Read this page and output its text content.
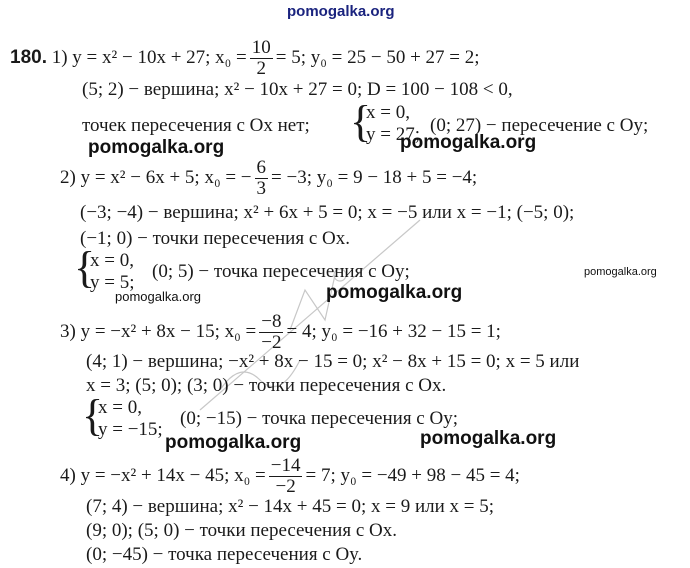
pomogalka.org
180. 1) y = x² − 10x + 27; $x_0 = \frac{10}{2} = 5$; y₀ = 25 − 50 + 27 = 2;
(5; 2) − вершина; x² − 10x + 27 = 0; D = 100 − 108 < 0,
точек пересечения с Ox нет; {
x = 0,
y = 27; (0; 27) − пересечение с Oy;
pomogalka.org	pomogalka.org
2) y = x² − 6x + 5; x₀ = − $\frac{6}{3} = -3$; y₀ = 9 − 18 + 5 = −4;
(−3; −4) − вершина; x² + 6x + 5 = 0; x = −5 или x = −1; (−5; 0);
(−1; 0) − точки пересечения с Ox.
{
x = 0,
y = 5;
(0; 5) − точка пересечения с Oy;	pomogalka.org
pomogalka.org	pomogalka.org
3) y = −x² + 8x − 15; $x_0 = \frac{-8}{-2} = 4$; y₀ = −16 + 32 − 15 = 1;
(4; 1) − вершина; −x² + 8x − 15 = 0; x² − 8x + 15 = 0; x = 5 или
x = 3; (5; 0); (3; 0) − точки пересечения с Ox.
{
x = 0,
y = −15;
(0; −15) − точка пересечения с Oy;
pomogalka.org	pomogalka.org
4) y = −x² + 14x − 45; $x_0 = \frac{-14}{-2} = 7$; y₀ = −49 + 98 − 45 = 4;
(7; 4) − вершина; x² − 14x + 45 = 0; x = 9 или x = 5;
(9; 0); (5; 0) − точки пересечения с Ox.
(0; −45) − точка пересечения с Oy.
